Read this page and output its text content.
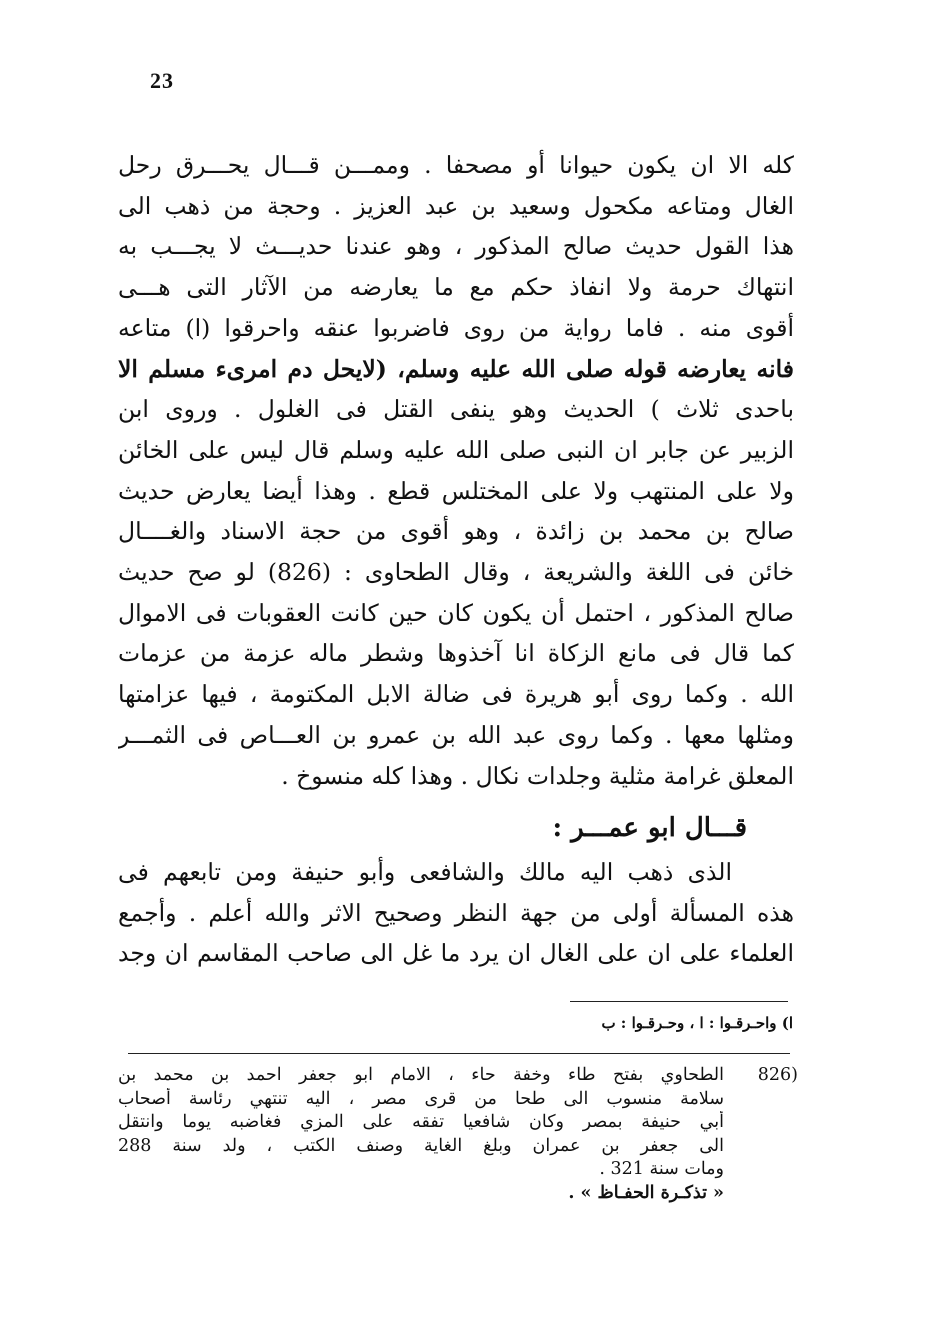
23
كله الا ان يكون حيوانا أو مصحفا . وممـــن قـــال يحـــرق رحل
الغال ومتاعه مكحول وسعيد بن عبد العزيز . وحجة من ذهب الى
هذا القول حديث صالح المذكور ، وهو عندنا حديـــث لا يجـــب به
انتهاك حرمة ولا انفاذ حكم مع ما يعارضه من الآثار التى هـــى
أقوى منه . فاما رواية من روى فاضربوا عنقه واحرقوا (ا) متاعه
فانه يعارضه قوله صلى الله عليه وسلم، (لايحل دم امرىء مسلم الا
باحدى ثلاث ) الحديث وهو ينفى القتل فى الغلول . وروى ابن
الزبير عن جابر ان النبى صلى الله عليه وسلم قال ليس على الخائن
ولا على المنتهب ولا على المختلس قطع . وهذا أيضا يعارض حديث
صالح بن محمد بن زائدة ، وهو أقوى من حجة الاسناد والغــــال
خائن فى اللغة والشريعة ، وقال الطحاوى : (826) لو صح حديث
صالح المذكور ، احتمل أن يكون كان حين كانت العقوبات فى الاموال
كما قال فى مانع الزكاة انا آخذوها وشطر ماله عزمة من عزمات
الله . وكما روى أبو هريرة فى ضالة الابل المكتومة ، فيها عزامتها
ومثلها معها . وكما روى عبد الله بن عمرو بن العـــاص فى الثمـــر
المعلق غرامة مثلية وجلدات نكال . وهذا كله منسوخ .
قـــال ابو عمـــر :
الذى ذهب اليه مالك والشافعى وأبو حنيفة ومن تابعهم فى
هذه المسألة أولى من جهة النظر وصحيح الاثر والله أعلم . وأجمع
العلماء على ان على الغال ان يرد ما غل الى صاحب المقاسم ان وجد
ا) واحـرقـوا : ا ، وحـرقـوا : ب
826)
الطحاوي بفتح طاء وخفة حاء ، الامام ابو جعفر احمد بن محمد بن
سلامة منسوب الى طحا من قرى مصر ، اليه تنتهي رئاسة أصحاب
أبي حنيفة بمصر وكان شافعيا تفقه على المزي فغاضبه يوما وانتقل
الى جعفر بن عمران وبلغ الغاية وصنف الكتب ، ولد سنة 288
ومات سنة 321 .
« تذكـرة الحفـاظ » .
